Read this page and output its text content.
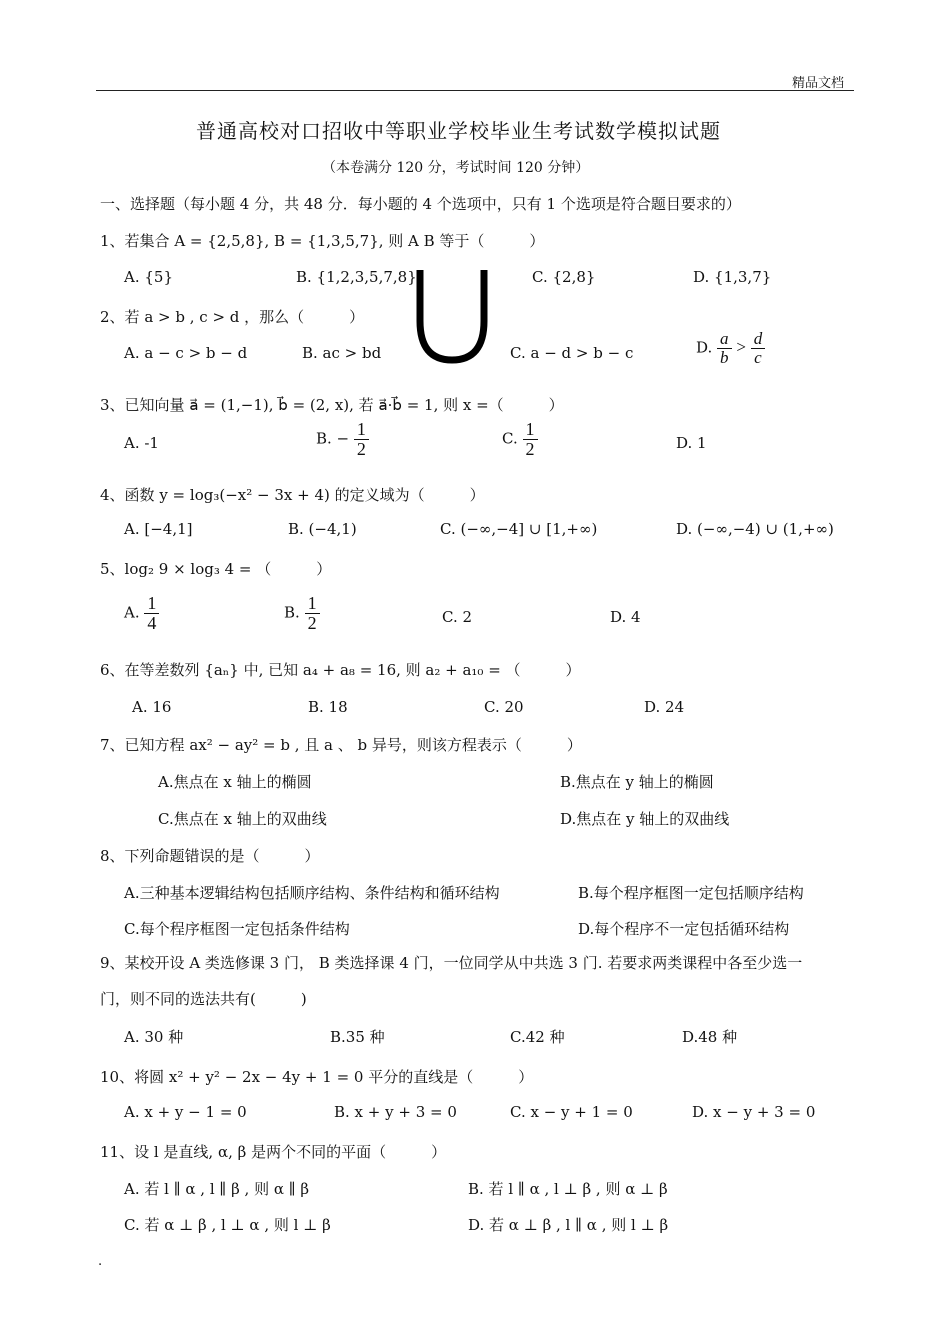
精品文档
普通高校对口招收中等职业学校毕业生考试数学模拟试题
（本卷满分 120 分，考试时间 120 分钟）
一、选择题（每小题 4 分，共 48 分．每小题的 4 个选项中，只有 1 个选项是符合题目要求的）
1、若集合 A = {2,5,8}, B = {1,3,5,7}, 则 A B 等于（　　　）
A. {5}	B. {1,2,3,5,7,8}	C. {2,8}	D. {1,3,7}
2、若 a > b , c > d ，那么（　　　）
A. a − c > b − d	B. ac > bd	C. a − d > b − c	D. $\frac{a}{b} > \frac{d}{c}$
3、已知向量 a⃗ = (1,−1), b⃗ = (2, x), 若 a⃗·b⃗ = 1, 则 x =（　　　）
A. -1	B. − $\frac{1}{2}$	C. $\frac{1}{2}$	D. 1
4、函数 y = log₃(−x² − 3x + 4) 的定义域为（　　　）
A. [−4,1]	B. (−4,1)	C. (−∞,−4] ∪ [1,+∞)	D. (−∞,−4) ∪ (1,+∞)
5、log₂ 9 × log₃ 4 = （　　　）
A. $\frac{1}{4}$	B. $\frac{1}{2}$	C. 2	D. 4
6、在等差数列 {aₙ} 中, 已知 a₄ + a₈ = 16, 则 a₂ + a₁₀ = （　　　）
A. 16	B. 18	C. 20	D. 24
7、已知方程 ax² − ay² = b , 且 a 、 b 异号，则该方程表示（　　　）
A.焦点在 x 轴上的椭圆	B.焦点在 y 轴上的椭圆
C.焦点在 x 轴上的双曲线	D.焦点在 y 轴上的双曲线
8、下列命题错误的是（　　　）
A.三种基本逻辑结构包括顺序结构、条件结构和循环结构	B.每个程序框图一定包括顺序结构
C.每个程序框图一定包括条件结构	D.每个程序不一定包括循环结构
9、某校开设 A 类选修课 3 门， B 类选择课 4 门，一位同学从中共选 3 门. 若要求两类课程中各至少选一
门，则不同的选法共有(　　　)
A. 30 种	B.35 种	C.42 种	D.48 种
10、将圆 x² + y² − 2x − 4y + 1 = 0 平分的直线是（　　　）
A. x + y − 1 = 0	B. x + y + 3 = 0	C. x − y + 1 = 0	D. x − y + 3 = 0
11、设 l 是直线, α, β 是两个不同的平面（　　　）
A. 若 l ∥ α , l ∥ β , 则 α ∥ β	B. 若 l ∥ α , l ⊥ β , 则 α ⊥ β
C. 若 α ⊥ β , l ⊥ α , 则 l ⊥ β	D. 若 α ⊥ β , l ∥ α , 则 l ⊥ β
.
